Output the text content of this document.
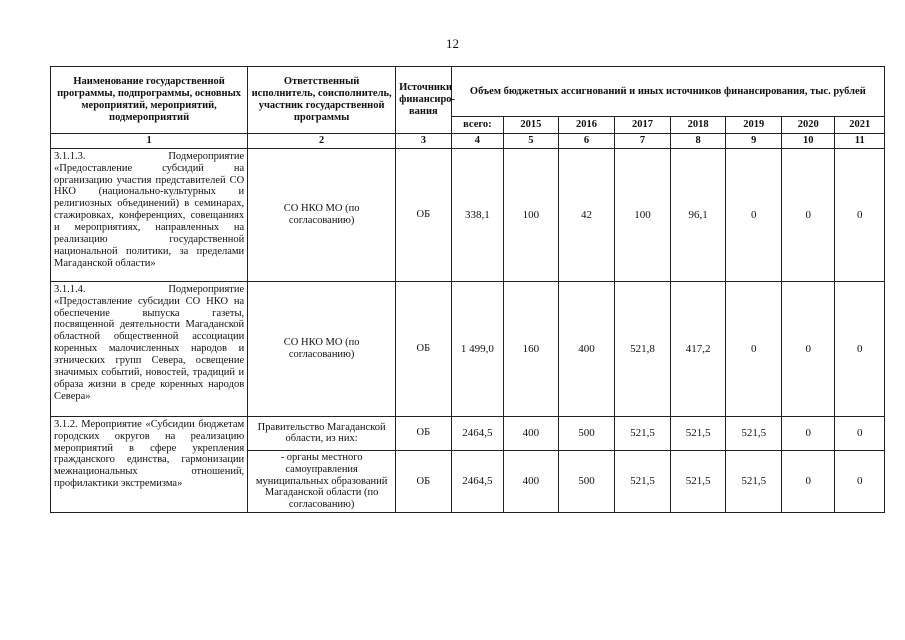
12
Наименование государственной программы, подпрограммы, основных мероприятий, мероприятий, подмероприятий	Ответственный исполнитель, соисполнитель, участник государственной программы	Источники финансиро-вания	Объем бюджетных ассигнований и иных источников финансирования, тыс. рублей							
			всего:	2015	2016	2017	2018	2019	2020	2021
1	2	3	4	5	6	7	8	9	10	11
3.1.1.3. Подмероприятие «Предоставление субсидий на организацию участия представителей СО НКО (национально-культурных и религиозных объединений) в семинарах, стажировках, конференциях, совещаниях и мероприятиях, направленных на реализацию государственной национальной политики, за пределами Магаданской области»	СО НКО МО (по согласованию)	ОБ	338,1	100	42	100	96,1	0	0	0
3.1.1.4. Подмероприятие «Предоставление субсидии СО НКО на обеспечение выпуска газеты, посвященной деятельности Магаданской областной общественной ассоциации коренных малочисленных народов и этнических групп Севера, освещение значимых событий, новостей, традиций и образа жизни в среде коренных народов Севера»	СО НКО МО (по согласованию)	ОБ	1 499,0	160	400	521,8	417,2	0	0	0
3.1.2. Мероприятие «Субсидии бюджетам городских округов на реализацию мероприятий в сфере укрепления гражданского единства, гармонизации межнациональных отношений, профилактики экстремизма»	Правительство Магаданской области, из них:	ОБ	2464,5	400	500	521,5	521,5	521,5	0	0
	- органы местного самоуправления муниципальных образований Магаданской области (по согласованию)	ОБ	2464,5	400	500	521,5	521,5	521,5	0	0
